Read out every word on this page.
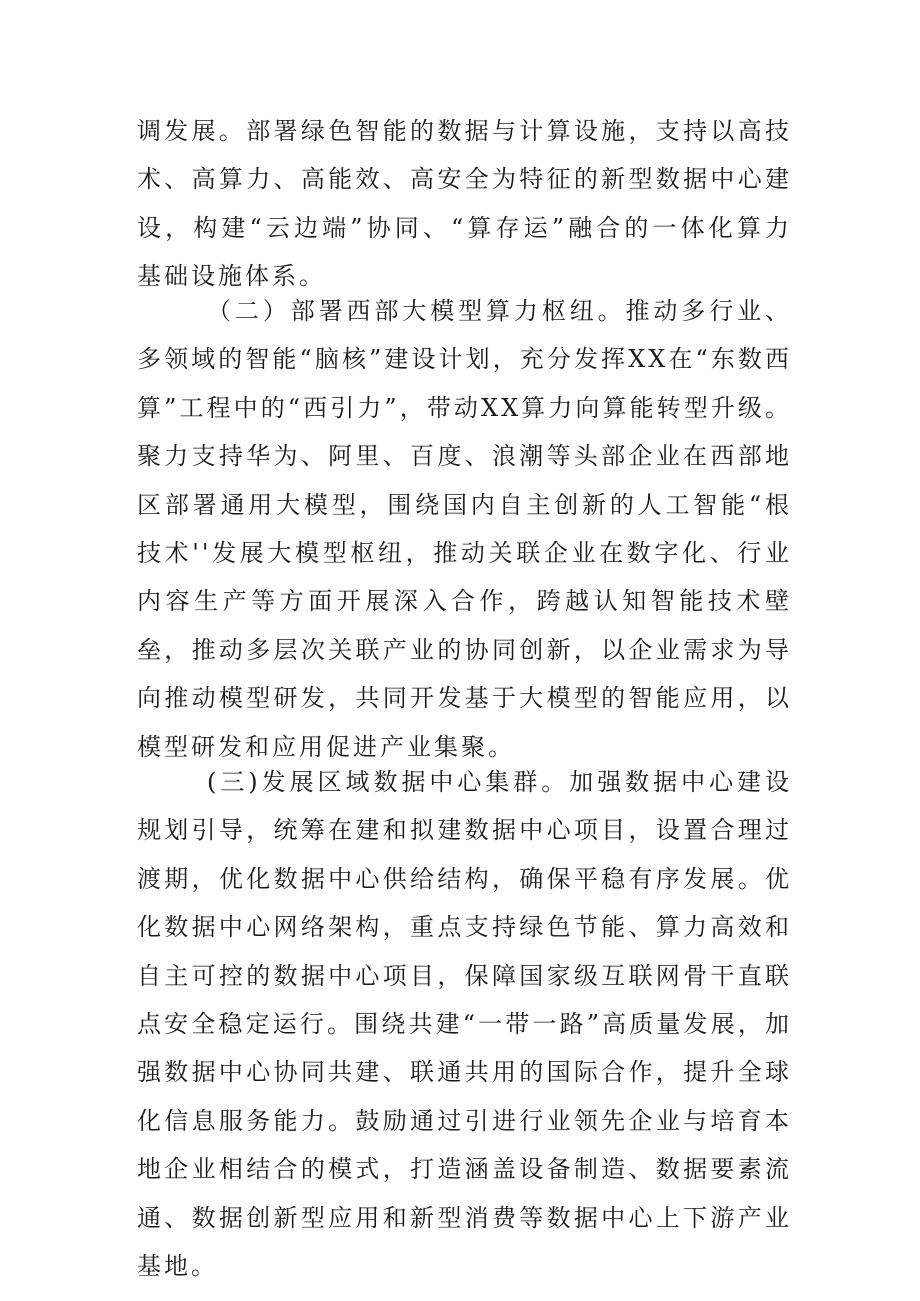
调发展。部署绿色智能的数据与计算设施，支持以高技术、高算力、高能效、高安全为特征的新型数据中心建设，构建“云边端”协同、“算存运”融合的一体化算力基础设施体系。

（二）部署西部大模型算力枢纽。推动多行业、多领域的智能“脑核”建设计划，充分发挥XX在“东数西算”工程中的“西引力”，带动XX算力向算能转型升级。聚力支持华为、阿里、百度、浪潮等头部企业在西部地区部署通用大模型，围绕国内自主创新的人工智能“根技术''发展大模型枢纽，推动关联企业在数字化、行业内容生产等方面开展深入合作，跨越认知智能技术壁垒，推动多层次关联产业的协同创新，以企业需求为导向推动模型研发，共同开发基于大模型的智能应用，以模型研发和应用促进产业集聚。

(三)发展区域数据中心集群。加强数据中心建设规划引导，统筹在建和拟建数据中心项目，设置合理过渡期，优化数据中心供给结构，确保平稳有序发展。优化数据中心网络架构，重点支持绿色节能、算力高效和自主可控的数据中心项目，保障国家级互联网骨干直联点安全稳定运行。围绕共建“一带一路”高质量发展，加强数据中心协同共建、联通共用的国际合作，提升全球化信息服务能力。鼓励通过引进行业领先企业与培育本地企业相结合的模式，打造涵盖设备制造、数据要素流通、数据创新型应用和新型消费等数据中心上下游产业基地。
